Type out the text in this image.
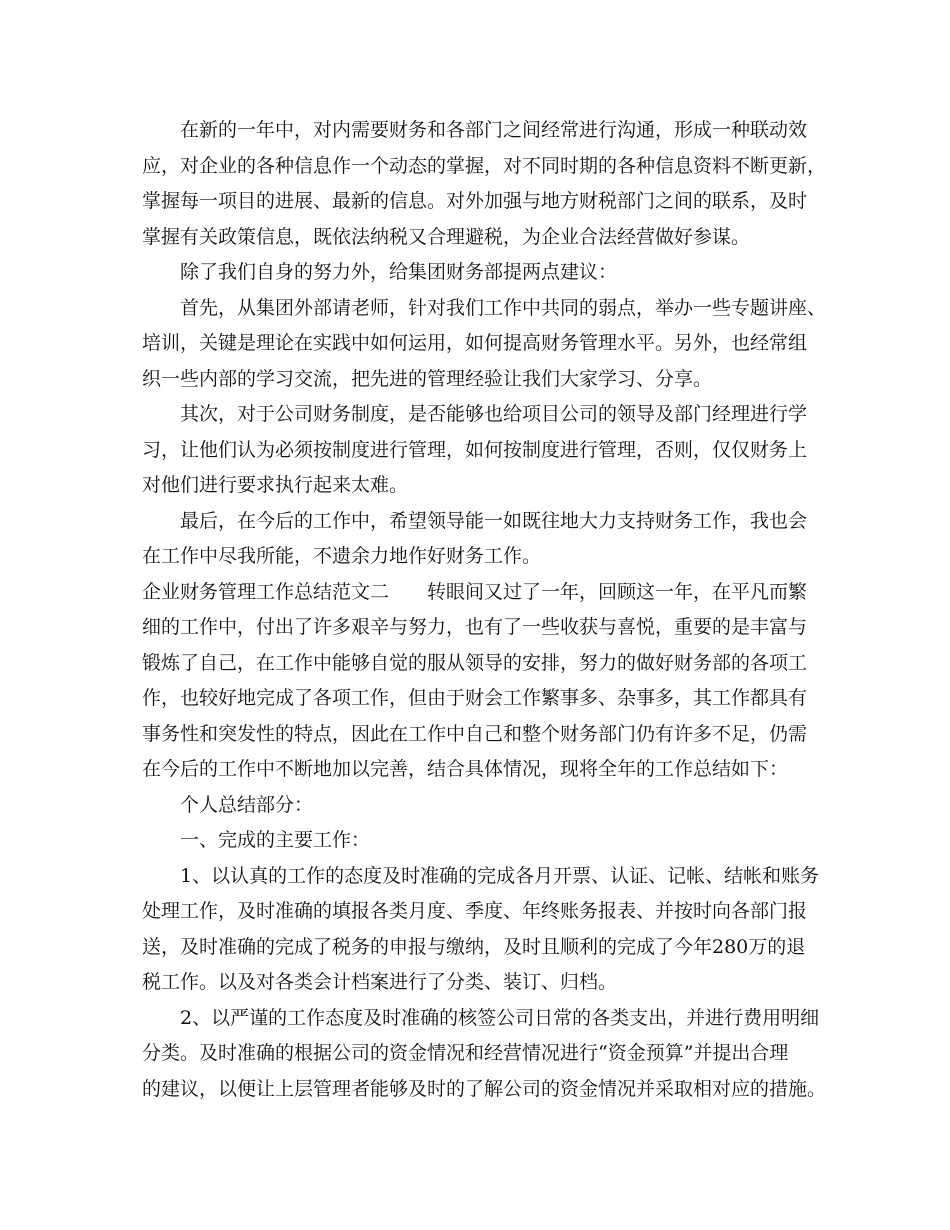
在新的一年中，对内需要财务和各部门之间经常进行沟通，形成一种联动效
应，对企业的各种信息作一个动态的掌握，对不同时期的各种信息资料不断更新，
掌握每一项目的进展、最新的信息。对外加强与地方财税部门之间的联系，及时
掌握有关政策信息，既依法纳税又合理避税，为企业合法经营做好参谋。
除了我们自身的努力外，给集团财务部提两点建议：
首先，从集团外部请老师，针对我们工作中共同的弱点，举办一些专题讲座、
培训，关键是理论在实践中如何运用，如何提高财务管理水平。另外，也经常组
织一些内部的学习交流，把先进的管理经验让我们大家学习、分享。
其次，对于公司财务制度，是否能够也给项目公司的领导及部门经理进行学
习，让他们认为必须按制度进行管理，如何按制度进行管理，否则，仅仅财务上
对他们进行要求执行起来太难。
最后，在今后的工作中，希望领导能一如既往地大力支持财务工作，我也会
在工作中尽我所能，不遗余力地作好财务工作。
企业财务管理工作总结范文二 转眼间又过了一年，回顾这一年，在平凡而繁
细的工作中，付出了许多艰辛与努力，也有了一些收获与喜悦，重要的是丰富与
锻炼了自己，在工作中能够自觉的服从领导的安排，努力的做好财务部的各项工
作，也较好地完成了各项工作，但由于财会工作繁事多、杂事多，其工作都具有
事务性和突发性的特点，因此在工作中自己和整个财务部门仍有许多不足，仍需
在今后的工作中不断地加以完善，结合具体情况，现将全年的工作总结如下：
个人总结部分：
一、完成的主要工作：
1、以认真的工作的态度及时准确的完成各月开票、认证、记帐、结帐和账务
处理工作，及时准确的填报各类月度、季度、年终账务报表、并按时向各部门报
送，及时准确的完成了税务的申报与缴纳，及时且顺利的完成了今年280万的退
税工作。以及对各类会计档案进行了分类、装订、归档。
2、以严谨的工作态度及时准确的核签公司日常的各类支出，并进行费用明细
分类。及时准确的根据公司的资金情况和经营情况进行“资金预算”并提出合理
的建议，以便让上层管理者能够及时的了解公司的资金情况并采取相对应的措施。
